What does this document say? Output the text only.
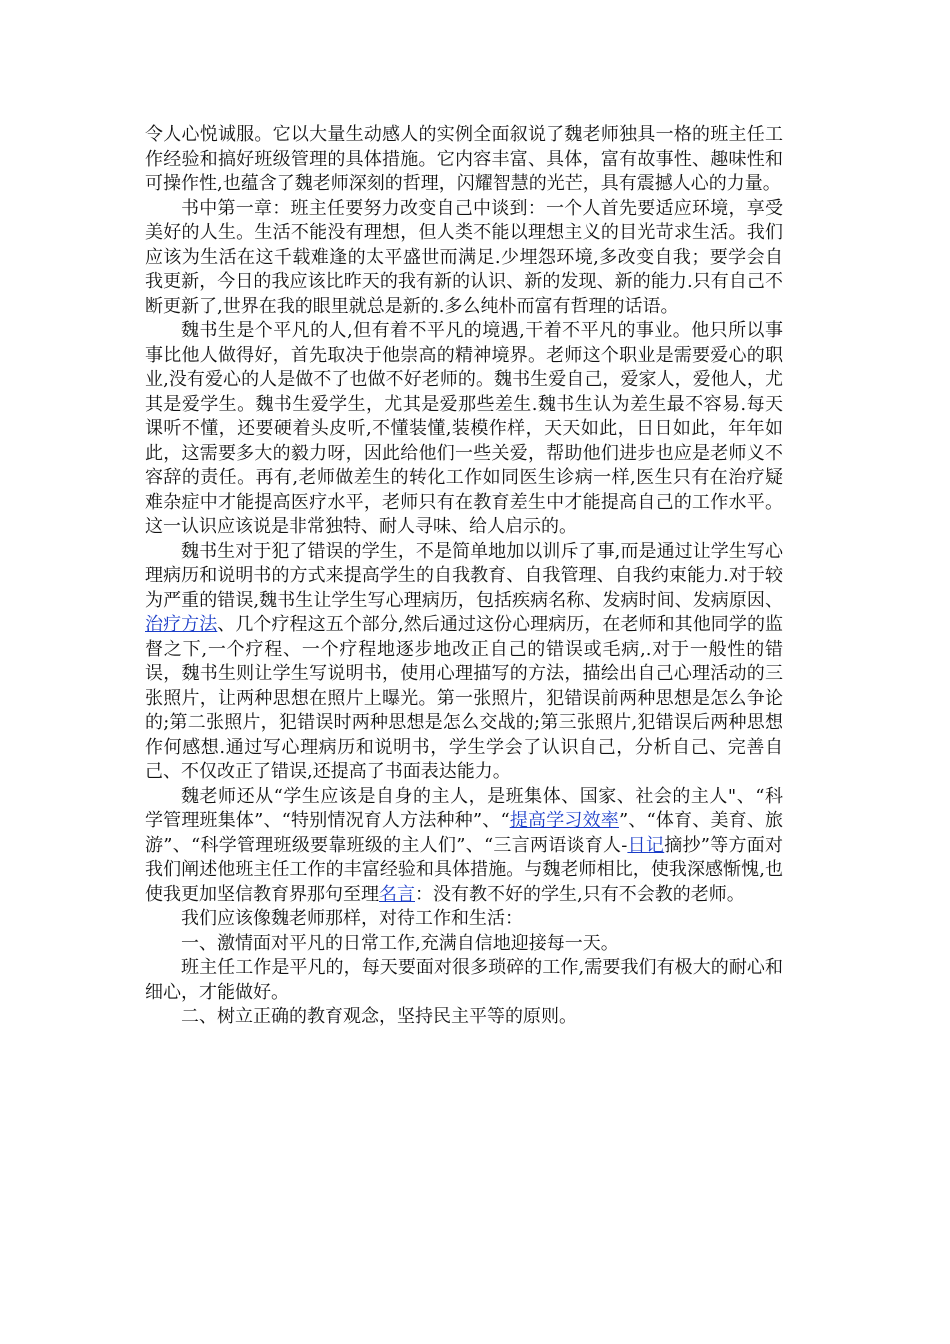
令人心悦诚服。它以大量生动感人的实例全面叙说了魏老师独具一格的班主任工作经验和搞好班级管理的具体措施。它内容丰富、具体，富有故事性、趣味性和可操作性,也蕴含了魏老师深刻的哲理，闪耀智慧的光芒，具有震撼人心的力量。

书中第一章：班主任要努力改变自己中谈到：一个人首先要适应环境，享受美好的人生。生活不能没有理想，但人类不能以理想主义的目光苛求生活。我们应该为生活在这千载难逢的太平盛世而满足.少埋怨环境,多改变自我；要学会自我更新，今日的我应该比昨天的我有新的认识、新的发现、新的能力.只有自己不断更新了,世界在我的眼里就总是新的.多么纯朴而富有哲理的话语。

魏书生是个平凡的人,但有着不平凡的境遇,干着不平凡的事业。他只所以事事比他人做得好，首先取决于他崇高的精神境界。老师这个职业是需要爱心的职业,没有爱心的人是做不了也做不好老师的。魏书生爱自己，爱家人，爱他人，尤其是爱学生。魏书生爱学生，尤其是爱那些差生.魏书生认为差生最不容易.每天课听不懂，还要硬着头皮听,不懂装懂,装模作样，天天如此，日日如此，年年如此，这需要多大的毅力呀，因此给他们一些关爱，帮助他们进步也应是老师义不容辞的责任。再有,老师做差生的转化工作如同医生诊病一样,医生只有在治疗疑难杂症中才能提高医疗水平，老师只有在教育差生中才能提高自己的工作水平。这一认识应该说是非常独特、耐人寻味、给人启示的。

魏书生对于犯了错误的学生，不是简单地加以训斥了事,而是通过让学生写心理病历和说明书的方式来提高学生的自我教育、自我管理、自我约束能力.对于较为严重的错误,魏书生让学生写心理病历，包括疾病名称、发病时间、发病原因、治疗方法、几个疗程这五个部分,然后通过这份心理病历，在老师和其他同学的监督之下,一个疗程、一个疗程地逐步地改正自己的错误或毛病,.对于一般性的错误，魏书生则让学生写说明书，使用心理描写的方法，描绘出自己心理活动的三张照片，让两种思想在照片上曝光。第一张照片，犯错误前两种思想是怎么争论的;第二张照片，犯错误时两种思想是怎么交战的;第三张照片,犯错误后两种思想作何感想.通过写心理病历和说明书，学生学会了认识自己，分析自己、完善自己、不仅改正了错误,还提高了书面表达能力。

魏老师还从“学生应该是自身的主人，是班集体、国家、社会的主人"、“科学管理班集体”、“特别情况育人方法种种”、“提高学习效率”、“体育、美育、旅游”、“科学管理班级要靠班级的主人们”、“三言两语谈育人-日记摘抄”等方面对我们阐述他班主任工作的丰富经验和具体措施。与魏老师相比，使我深感惭愧,也使我更加坚信教育界那句至理名言：没有教不好的学生,只有不会教的老师。

我们应该像魏老师那样，对待工作和生活：

一、激情面对平凡的日常工作,充满自信地迎接每一天。

班主任工作是平凡的，每天要面对很多琐碎的工作,需要我们有极大的耐心和细心，才能做好。

二、树立正确的教育观念，坚持民主平等的原则。
